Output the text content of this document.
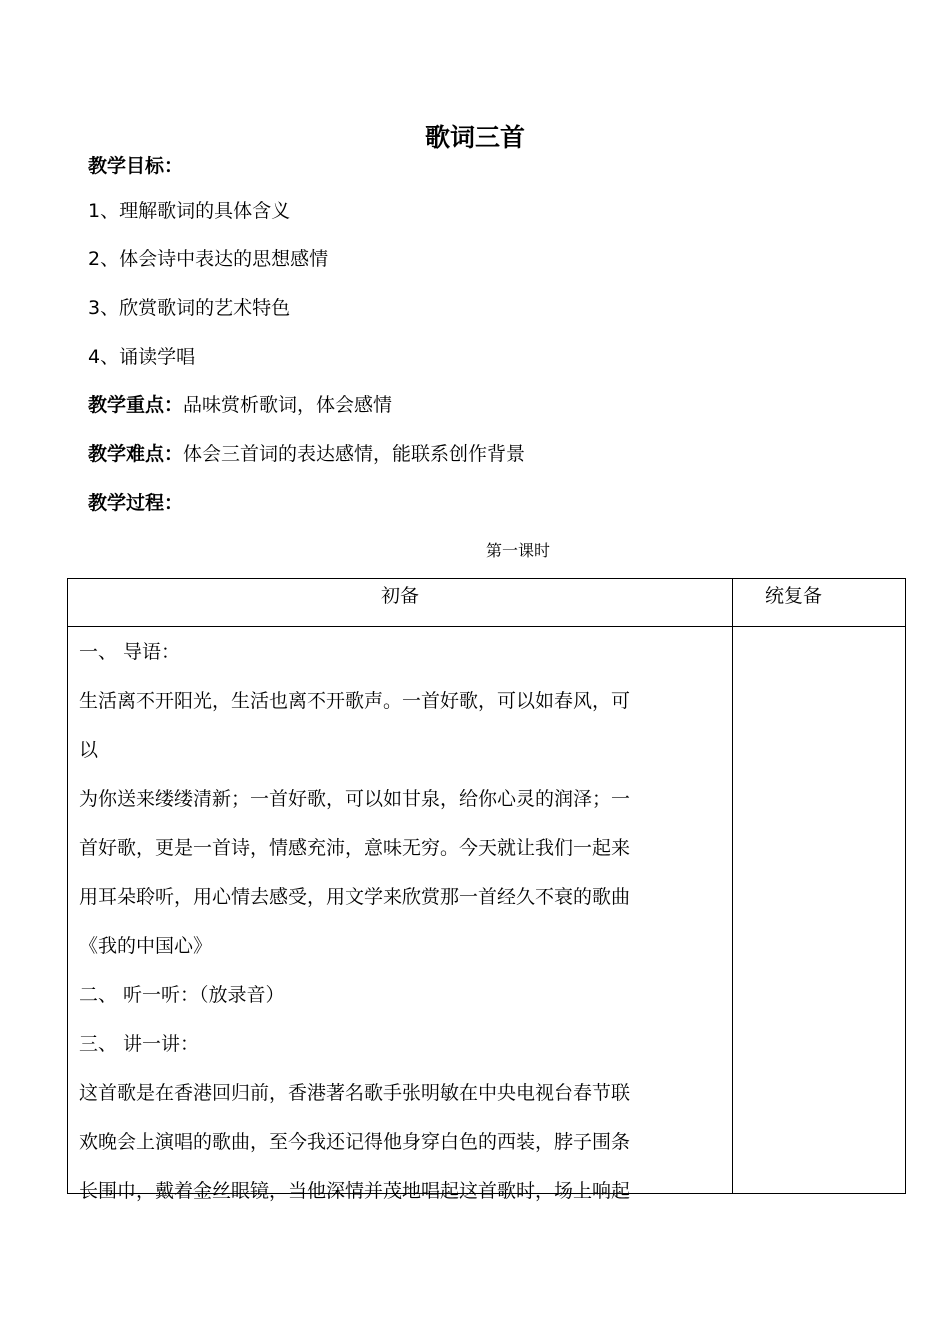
歌词三首
教学目标：
1、理解歌词的具体含义
2、体会诗中表达的思想感情
3、欣赏歌词的艺术特色
4、诵读学唱
教学重点：品味赏析歌词，体会感情
教学难点：体会三首词的表达感情，能联系创作背景
教学过程：
第一课时
初备	统复备

一、 导语：

生活离不开阳光，生活也离不开歌声。一首好歌，可以如春风，可

以

为你送来缕缕清新；一首好歌，可以如甘泉，给你心灵的润泽；一

首好歌，更是一首诗，情感充沛，意味无穷。今天就让我们一起来

用耳朵聆听，用心情去感受，用文学来欣赏那一首经久不衰的歌曲

《我的中国心》

二、 听一听：（放录音）

三、 讲一讲：

这首歌是在香港回归前，香港著名歌手张明敏在中央电视台春节联

欢晚会上演唱的歌曲，至今我还记得他身穿白色的西装，脖子围条

长围巾，戴着金丝眼镜，当他深情并茂地唱起这首歌时，场上响起
